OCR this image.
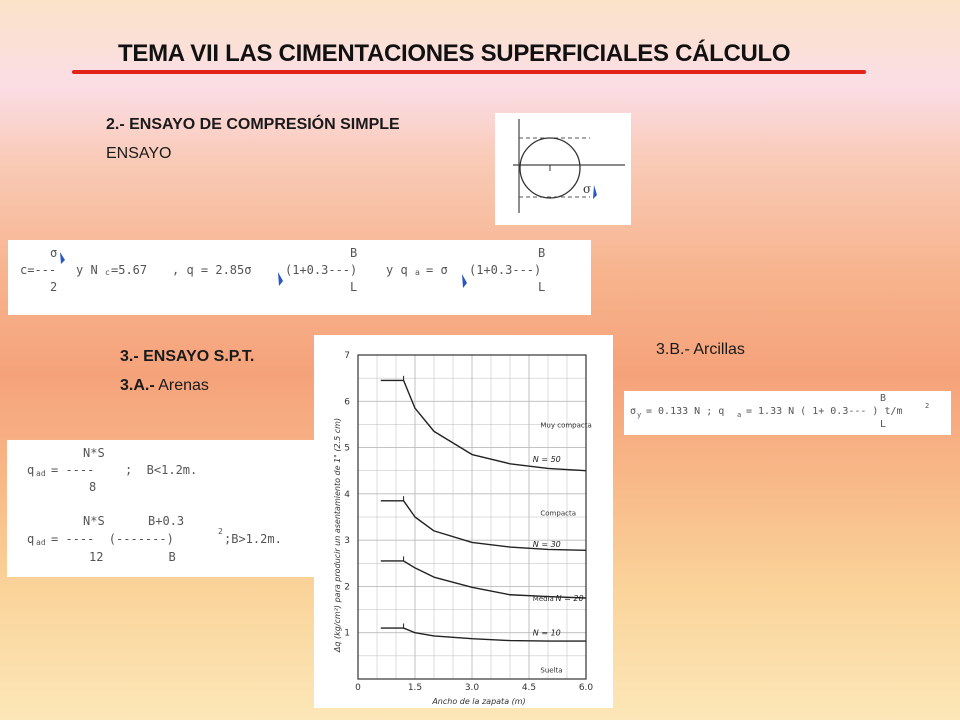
TEMA VII LAS CIMENTACIONES SUPERFICIALES CÁLCULO
2.- ENSAYO DE COMPRESIÓN SIMPLE
ENSAYO
σ
σ
c=---
2
y N c =5.67 , q = 2.85σ	(1+0.3---)
B
L
y q a = σ (1+0.3---)
B
L
3.- ENSAYO S.P.T.
3.A.- Arenas
3.B.- Arcillas
N*S
q ad = ----	;  B<1.2m.
8
N*S      B+0.3
q ad = ----  (-------)
2
;B>1.2m.
12         B
σ y = 0.133 N ; q a = 1.33 N ( 1+ 0.3--- ) t/m	2
B
L
1
2
3
4
5
6
7
0	1.5	3.0	4.5	6.0
N = 50
N = 30
N = 20
N = 10
Muy compacta
Compacta
Media
Suelta
Δq (kg/cm²) para producir un asentamiento de 1" (2.5 cm)
Ancho de la zapata (m)
